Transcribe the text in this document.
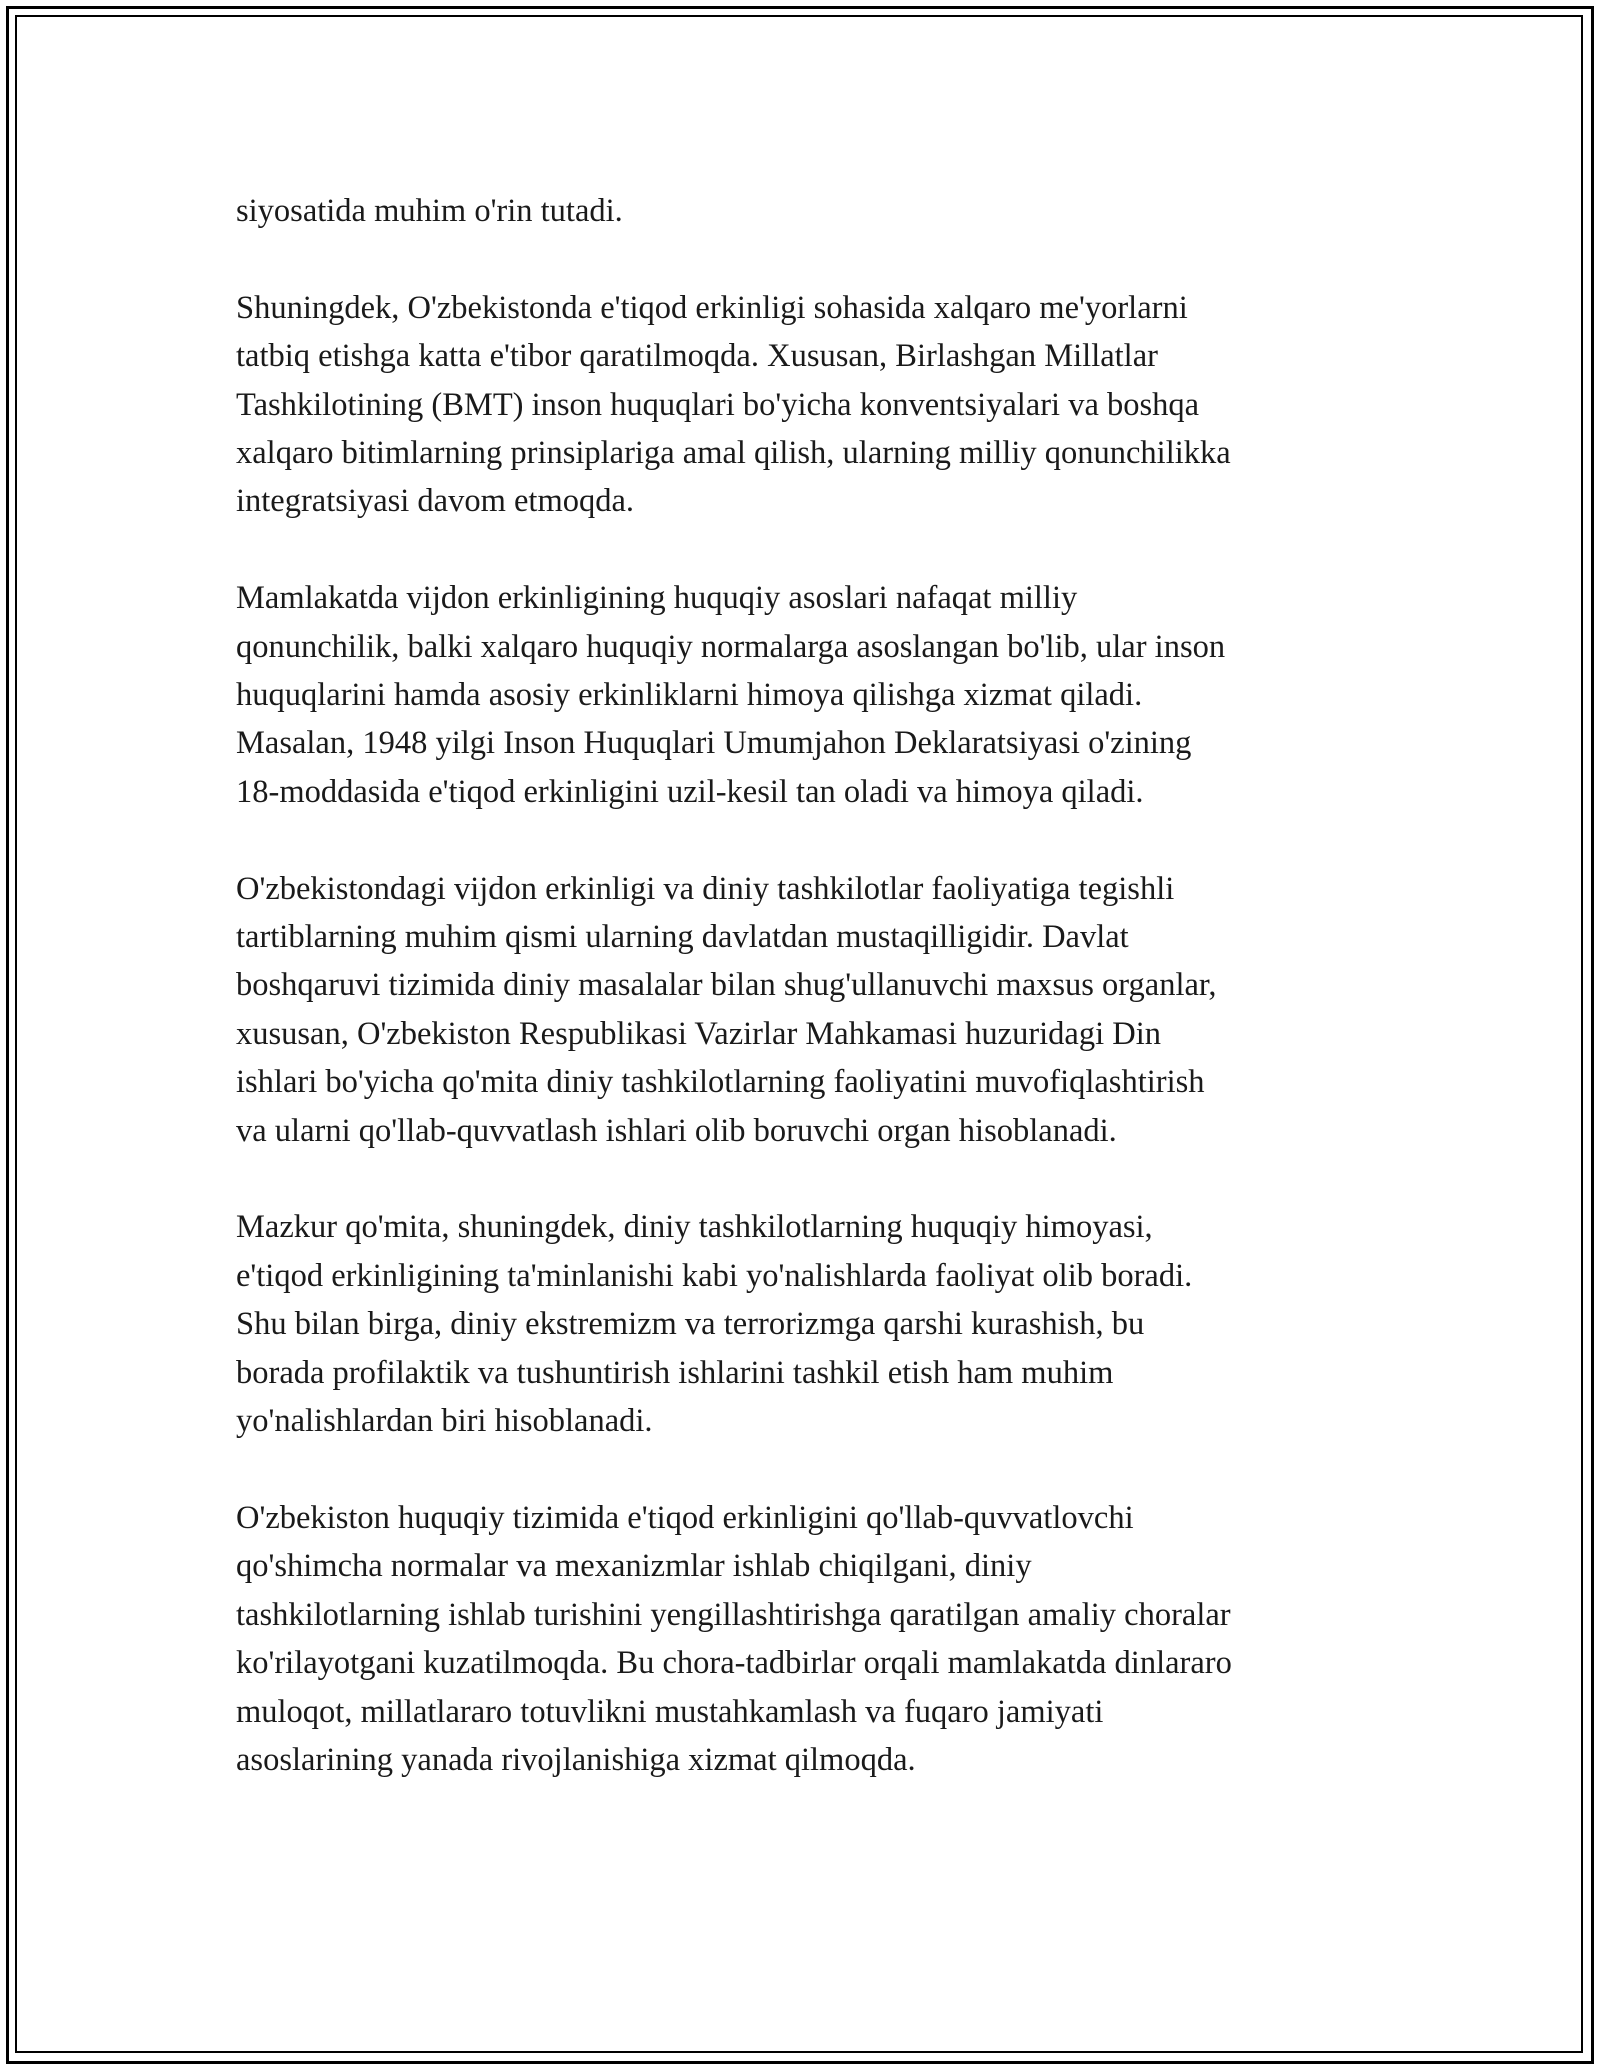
siyosatida muhim o'rin tutadi.

Shuningdek, O'zbekistonda e'tiqod erkinligi sohasida xalqaro me'yorlarni
tatbiq etishga katta e'tibor qaratilmoqda. Xususan, Birlashgan Millatlar
Tashkilotining (BMT) inson huquqlari bo'yicha konventsiyalari va boshqa
xalqaro bitimlarning prinsiplariga amal qilish, ularning milliy qonunchilikka
integratsiyasi davom etmoqda.

Mamlakatda vijdon erkinligining huquqiy asoslari nafaqat milliy
qonunchilik, balki xalqaro huquqiy normalarga asoslangan bo'lib, ular inson
huquqlarini hamda asosiy erkinliklarni himoya qilishga xizmat qiladi.
Masalan, 1948 yilgi Inson Huquqlari Umumjahon Deklaratsiyasi o'zining
18-moddasida e'tiqod erkinligini uzil-kesil tan oladi va himoya qiladi.

O'zbekistondagi vijdon erkinligi va diniy tashkilotlar faoliyatiga tegishli
tartiblarning muhim qismi ularning davlatdan mustaqilligidir. Davlat
boshqaruvi tizimida diniy masalalar bilan shug'ullanuvchi maxsus organlar,
xususan, O'zbekiston Respublikasi Vazirlar Mahkamasi huzuridagi Din
ishlari bo'yicha qo'mita diniy tashkilotlarning faoliyatini muvofiqlashtirish
va ularni qo'llab-quvvatlash ishlari olib boruvchi organ hisoblanadi.

Mazkur qo'mita, shuningdek, diniy tashkilotlarning huquqiy himoyasi,
e'tiqod erkinligining ta'minlanishi kabi yo'nalishlarda faoliyat olib boradi.
Shu bilan birga, diniy ekstremizm va terrorizmga qarshi kurashish, bu
borada profilaktik va tushuntirish ishlarini tashkil etish ham muhim
yo'nalishlardan biri hisoblanadi.

O'zbekiston huquqiy tizimida e'tiqod erkinligini qo'llab-quvvatlovchi
qo'shimcha normalar va mexanizmlar ishlab chiqilgani, diniy
tashkilotlarning ishlab turishini yengillashtirishga qaratilgan amaliy choralar
ko'rilayotgani kuzatilmoqda. Bu chora-tadbirlar orqali mamlakatda dinlararo
muloqot, millatlararo totuvlikni mustahkamlash va fuqaro jamiyati
asoslarining yanada rivojlanishiga xizmat qilmoqda.
